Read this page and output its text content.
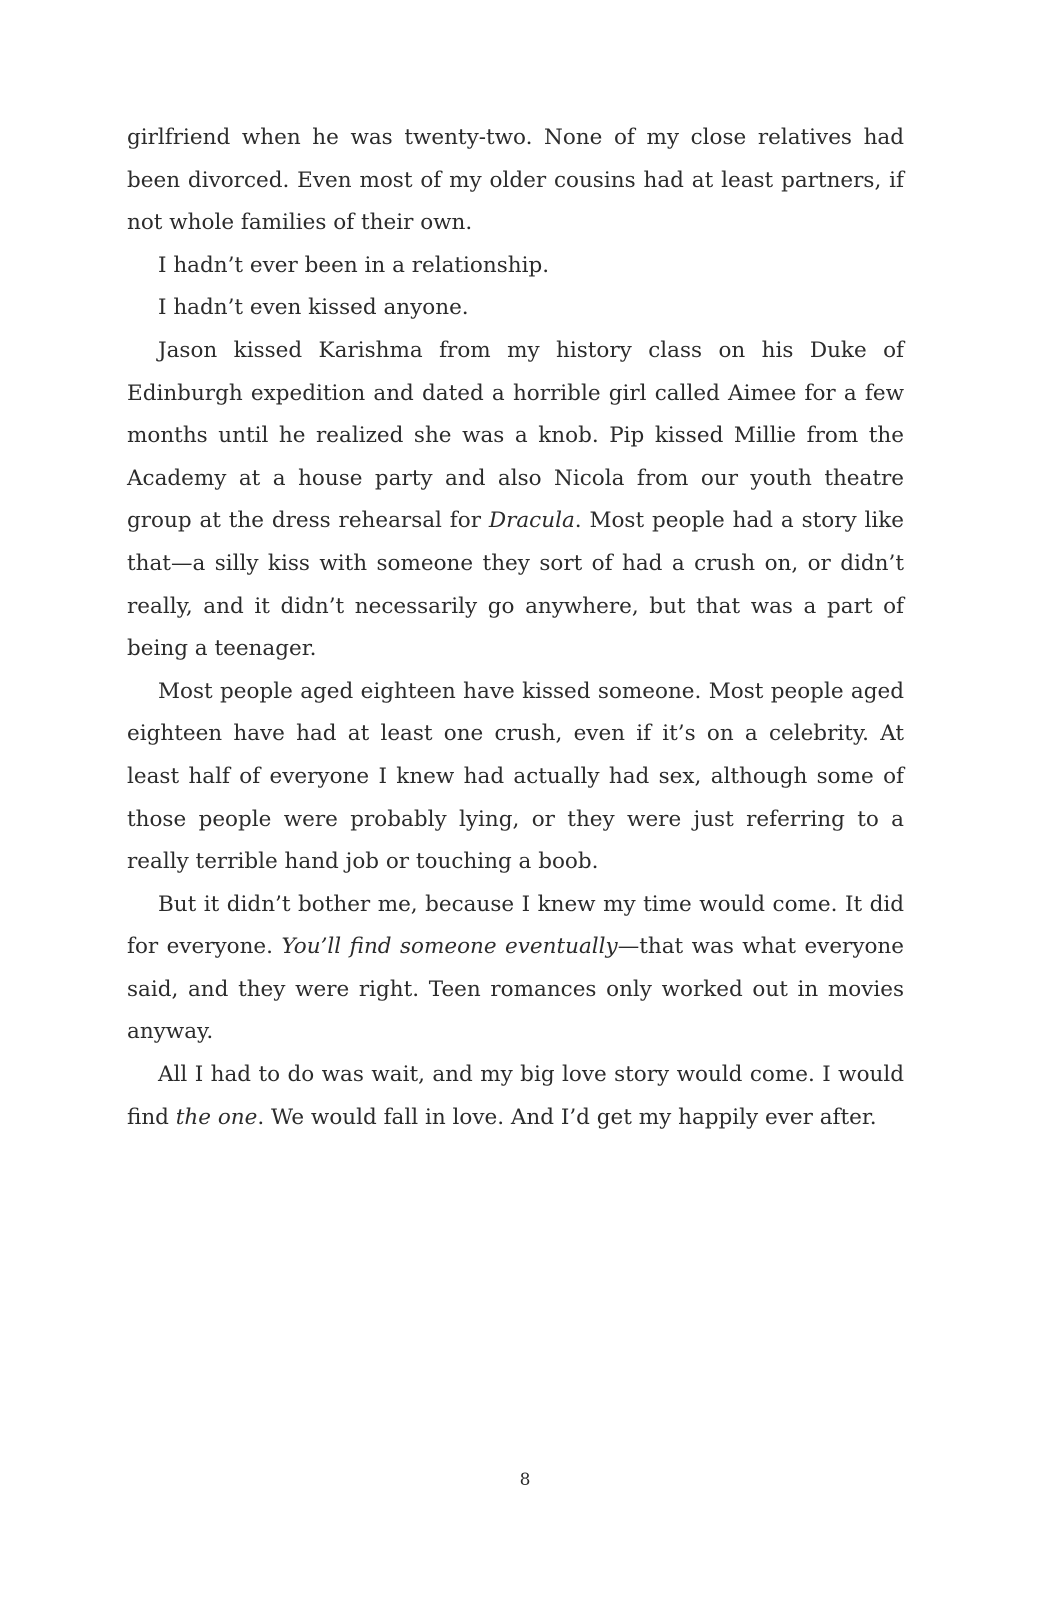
girlfriend when he was twenty-two. None of my close relatives had been divorced. Even most of my older cousins had at least partners, if not whole families of their own.

I hadn’t ever been in a relationship.

I hadn’t even kissed anyone.

Jason kissed Karishma from my history class on his Duke of Edinburgh expedition and dated a horrible girl called Aimee for a few months until he realized she was a knob. Pip kissed Millie from the Academy at a house party and also Nicola from our youth theatre group at the dress rehearsal for Dracula. Most people had a story like that—a silly kiss with someone they sort of had a crush on, or didn’t really, and it didn’t necessarily go anywhere, but that was a part of being a teenager.

Most people aged eighteen have kissed someone. Most people aged eighteen have had at least one crush, even if it’s on a celebrity. At least half of everyone I knew had actually had sex, although some of those people were probably lying, or they were just referring to a really terrible hand job or touching a boob.

But it didn’t bother me, because I knew my time would come. It did for everyone. You’ll find someone eventually—that was what everyone said, and they were right. Teen romances only worked out in movies anyway.

All I had to do was wait, and my big love story would come. I would find the one. We would fall in love. And I’d get my happily ever after.

8
